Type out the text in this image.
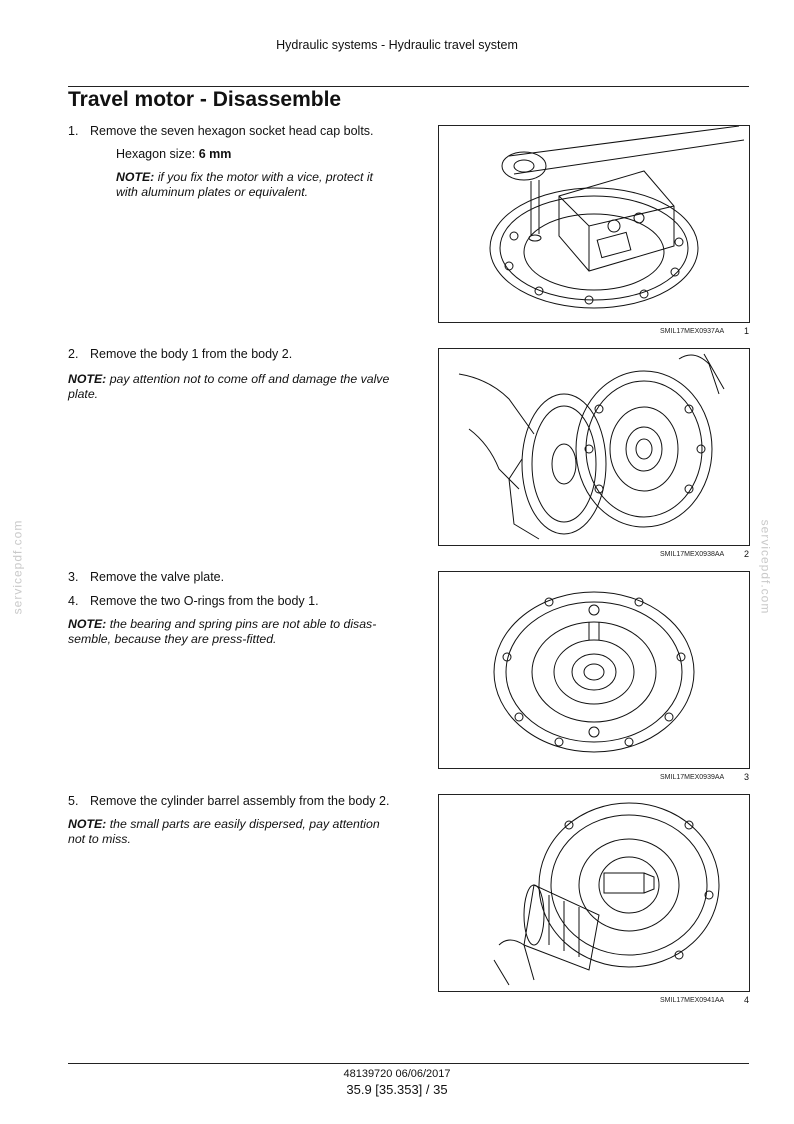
Hydraulic systems - Hydraulic travel system
Travel motor - Disassemble
1. Remove the seven hexagon socket head cap bolts.
Hexagon size: 6 mm
NOTE: if you fix the motor with a vice, protect it
with aluminum plates or equivalent.
2. Remove the body 1 from the body 2.
NOTE: pay attention not to come off and damage the valve
plate.
3. Remove the valve plate.
4. Remove the two O-rings from the body 1.
NOTE: the bearing and spring pins are not able to disas-
semble, because they are press-fitted.
5. Remove the cylinder barrel assembly from the body 2.
NOTE: the small parts are easily dispersed, pay attention
not to miss.
SMIL17MEX0937AA 1
SMIL17MEX0938AA 2
SMIL17MEX0939AA 3
SMIL17MEX0941AA 4
servicepdf.com	servicepdf.com
48139720 06/06/2017
35.9 [35.353] / 35
